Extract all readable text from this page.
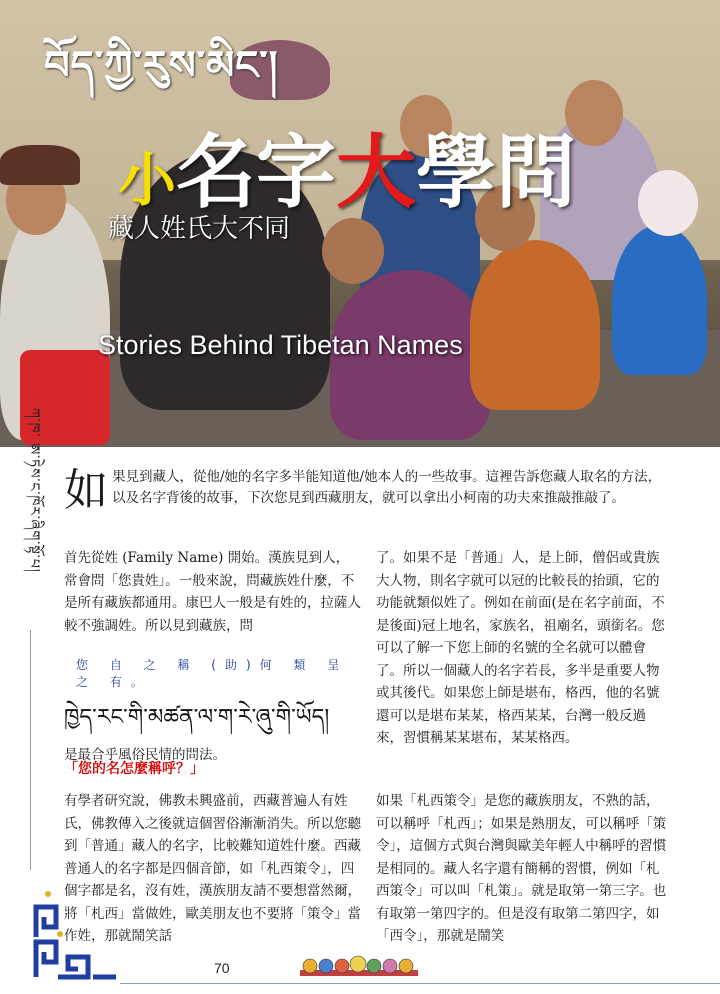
བོད་ཀྱི་རུས་མིང་།
小名字大學問
藏人姓氏大不同
Stories Behind Tibetan Names
ཀ་ཁ་ ཨ་ཏེས་ང་ཁོར་ཞིག་སྟོ་པ། 如果見到藏人，從他/她的名字多半能知道他/她本人的一些故事。這裡告訴您藏人取名的方法，以及名字背後的故事，下次您見到西藏朋友，就可以拿出小柯南的功夫來推敲推敲了。

首先從姓 (Family Name) 開始。漢族見到人，常會問「您貴姓」。一般來說，問藏族姓什麼，不是所有藏族都通用。康巴人一般是有姓的，拉薩人較不強調姓。所以見到藏族，問

您 自 之 稱 (助)何 類 呈 之 有。
ཁྱེད་རང་གི་མཚན་ལ་ག་རེ་ཞུ་གི་ཡོད།
「您的名怎麼稱呼？」
是最合乎風俗民情的問法。

了。如果不是「普通」人，是上師，僧侶或貴族大人物，則名字就可以冠的比較長的抬頭，它的功能就類似姓了。例如在前面(是在名字前面，不是後面)冠上地名，家族名，祖廟名，頭銜名。您可以了解一下您上師的名號的全名就可以體會了。所以一個藏人的名字若長，多半是重要人物或其後代。如果您上師是堪布，格西，他的名號還可以是堪布某某，格西某某，台灣一般反過來，習慣稱某某堪布，某某格西。

有學者研究說，佛教未興盛前，西藏普遍人有姓氏，佛教傳入之後就這個習俗漸漸消失。所以您聽到「普通」藏人的名字，比較難知道姓什麼。西藏普通人的名字都是四個音節，如「札西策令」，四個字都是名，沒有姓，漢族朋友請不要想當然爾，將「札西」當做姓，歐美朋友也不要將「策令」當作姓，那就鬧笑話

如果「札西策令」是您的藏族朋友，不熟的話，可以稱呼「札西」；如果是熟朋友，可以稱呼「策令」，這個方式與台灣與歐美年輕人中稱呼的習慣是相同的。藏人名字還有簡稱的習慣，例如「札西策令」可以叫「札策」。就是取第一第三字。也有取第一第四字的。但是沒有取第二第四字，如「西令」，那就是鬧笑

70
